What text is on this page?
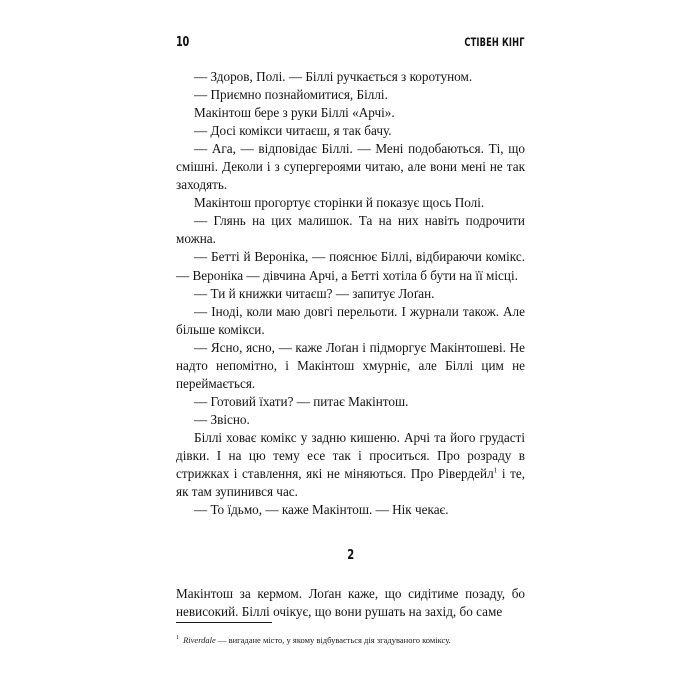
10	СТІВЕН КІНГ

— Здоров, Полі. — Біллі ручкається з коротуном.

— Приємно познайомитися, Біллі.

Макінтош бере з руки Біллі «Арчі».

— Досі комікси читаєш, я так бачу.

— Ага, — відповідає Біллі. — Мені подобаються. Ті, що смішні. Деколи і з супергероями читаю, але вони мені не так заходять.

Макінтош прогортує сторінки й показує щось Полі.

— Глянь на цих малишок. Та на них навіть подрочити можна.

— Бетті й Вероніка, — пояснює Біллі, відбираючи комікс. — Вероніка — дівчина Арчі, а Бетті хотіла б бути на її місці.

— Ти й книжки читаєш? — запитує Лоґан.

— Іноді, коли маю довгі перельоти. І журнали також. Але більше комікси.

— Ясно, ясно, — каже Лоґан і підморгує Макінтошеві. Не надто непомітно, і Макінтош хмурніє, але Біллі цим не переймається.

— Готовий їхати? — питає Макінтош.

— Звісно.

Біллі ховає комікс у задню кишеню. Арчі та його грудасті дівки. І на цю тему есе так і проситься. Про розраду в стрижках і ставлення, які не міняються. Про Рівердейл$^1$ і те, як там зупинився час.

— То їдьмо, — каже Макінтош. — Нік чекає.

2

Макінтош за кермом. Лоґан каже, що сидітиме позаду, бо невисокий. Біллі очікує, що вони рушать на захід, бо саме

$^1$ Riverdale — вигадане місто, у якому відбувається дія згадуваного коміксу.
